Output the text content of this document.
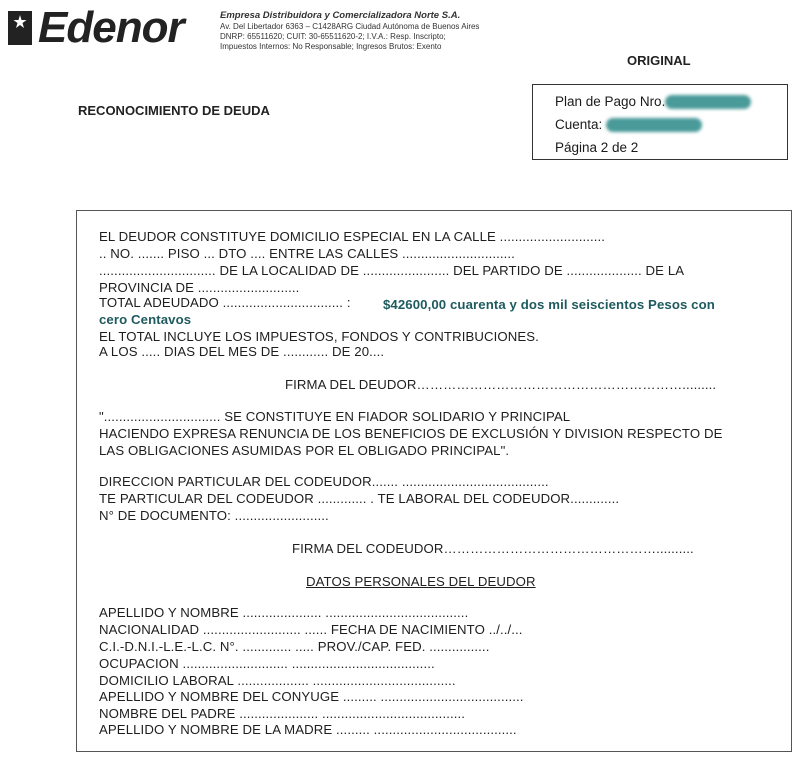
Edenor	Empresa Distribuidora y Comercializadora Norte S.A.
Av. Del Libertador 6363 – C1428ARG Ciudad Autónoma de Buenos Aires
DNRP: 65511620; CUIT: 30-65511620-2; I.V.A.: Resp. Inscripto;
Impuestos Internos: No Responsable; Ingresos Brutos: Exento
ORIGINAL
RECONOCIMIENTO DE DEUDA
Plan de Pago Nro.
Cuenta:
Página 2 de 2
EL DEUDOR CONSTITUYE DOMICILIO ESPECIAL EN LA CALLE ............................
.. NO. ....... PISO ... DTO .... ENTRE LAS CALLES ..............................
............................... DE LA LOCALIDAD DE ....................... DEL PARTIDO DE .................... DE LA
PROVINCIA DE ...........................
TOTAL ADEUDADO ................................ : $42600,00 cuarenta y dos mil seiscientos Pesos con
cero Centavos
EL TOTAL INCLUYE LOS IMPUESTOS, FONDOS Y CONTRIBUCIONES.
A LOS ..... DIAS DEL MES DE ............ DE 20....
FIRMA DEL DEUDOR…………………………………………………….........
"............................... SE CONSTITUYE EN FIADOR SOLIDARIO Y PRINCIPAL
HACIENDO EXPRESA RENUNCIA DE LOS BENEFICIOS DE EXCLUSIÓN Y DIVISION RESPECTO DE
LAS OBLIGACIONES ASUMIDAS POR EL OBLIGADO PRINCIPAL".
DIRECCION PARTICULAR DEL CODEUDOR....... .......................................
TE PARTICULAR DEL CODEUDOR ............. . TE LABORAL DEL CODEUDOR.............
N° DE DOCUMENTO: .........................
FIRMA DEL CODEUDOR…………………………………………..........
DATOS PERSONALES DEL DEUDOR
APELLIDO Y NOMBRE ..................... ......................................
NACIONALIDAD .......................... ...... FECHA DE NACIMIENTO ../../...
C.I.-D.N.I.-L.E.-L.C. N°. ............. ..... PROV./CAP. FED. ................
OCUPACION ............................ ......................................
DOMICILIO LABORAL ................... ......................................
APELLIDO Y NOMBRE DEL CONYUGE ......... ......................................
NOMBRE DEL PADRE ..................... ......................................
APELLIDO Y NOMBRE DE LA MADRE ......... ......................................
